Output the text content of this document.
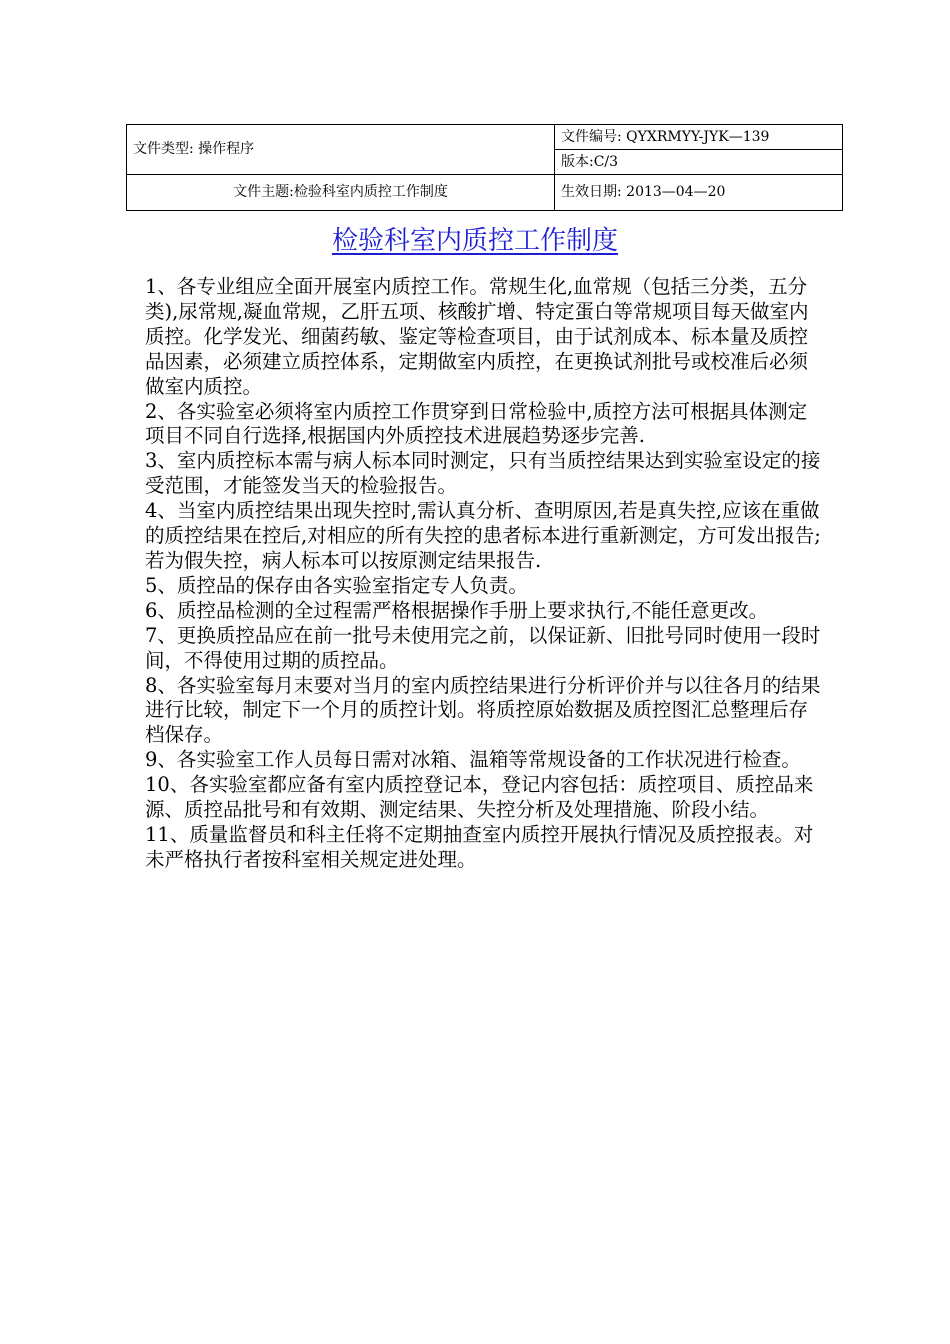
文件类型: 操作程序	文件编号: QYXRMYY-JYK—139
	版本:C/3
文件主题:检验科室内质控工作制度	生效日期: 2013—04—20
检验科室内质控工作制度

1、各专业组应全面开展室内质控工作。常规生化,血常规（包括三分类，五分类),尿常规,凝血常规，乙肝五项、核酸扩增、特定蛋白等常规项目每天做室内质控。化学发光、细菌药敏、鉴定等检查项目，由于试剂成本、标本量及质控品因素，必须建立质控体系，定期做室内质控，在更换试剂批号或校准后必须做室内质控。

2、各实验室必须将室内质控工作贯穿到日常检验中,质控方法可根据具体测定项目不同自行选择,根据国内外质控技术进展趋势逐步完善.

3、室内质控标本需与病人标本同时测定，只有当质控结果达到实验室设定的接受范围，才能签发当天的检验报告。

4、当室内质控结果出现失控时,需认真分析、查明原因,若是真失控,应该在重做的质控结果在控后,对相应的所有失控的患者标本进行重新测定，方可发出报告;若为假失控，病人标本可以按原测定结果报告.

5、质控品的保存由各实验室指定专人负责。

6、质控品检测的全过程需严格根据操作手册上要求执行,不能任意更改。

7、更换质控品应在前一批号未使用完之前，以保证新、旧批号同时使用一段时间，不得使用过期的质控品。

8、各实验室每月末要对当月的室内质控结果进行分析评价并与以往各月的结果进行比较，制定下一个月的质控计划。将质控原始数据及质控图汇总整理后存档保存。

9、各实验室工作人员每日需对冰箱、温箱等常规设备的工作状况进行检查。

10、各实验室都应备有室内质控登记本，登记内容包括：质控项目、质控品来源、质控品批号和有效期、测定结果、失控分析及处理措施、阶段小结。

11、质量监督员和科主任将不定期抽查室内质控开展执行情况及质控报表。对未严格执行者按科室相关规定进处理。
